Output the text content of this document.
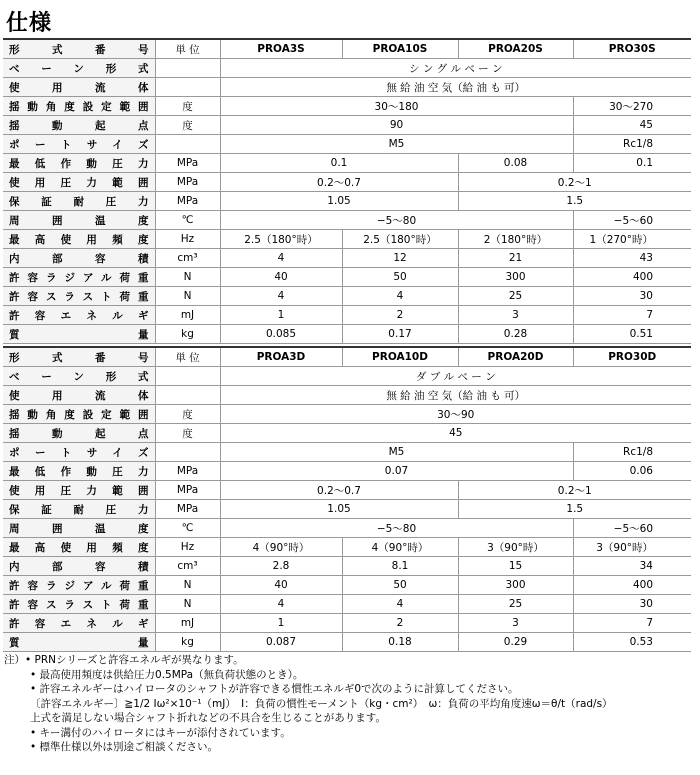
仕様
形式番号	単 位	PROA3S	PROA10S	PROA20S	PRO30S
ベーン形式		シ ン グ ル ベ ー ン			
使用流体		無 給 油 空 気（給 油 も 可）			
揺動角度設定範囲	度	30〜180			30〜270
揺動起点	度	90			45
ポートサイズ		M5			Rc1/8
最低作動圧力	MPa	0.1		0.08	0.1
使用圧力範囲	MPa	0.2〜0.7		0.2〜1	
保証耐圧力	MPa	1.05		1.5	
周囲温度	℃	−5〜80			−5〜60
最高使用頻度	Hz	2.5（180°時）	2.5（180°時）	2（180°時）	1（270°時）
内部容積	cm³	4	12	21	43
許容ラジアル荷重	N	40	50	300	400
許容スラスト荷重	N	4	4	25	30
許容エネルギ	mJ	1	2	3	7
質量	kg	0.085	0.17	0.28	0.51
形式番号	単 位	PROA3D	PROA10D	PROA20D	PRO30D
ベーン形式		ダ ブ ル ベ ー ン			
使用流体		無 給 油 空 気（給 油 も 可）			
揺動角度設定範囲	度	30〜90			
揺動起点	度	45			
ポートサイズ		M5			Rc1/8
最低作動圧力	MPa	0.07			0.06
使用圧力範囲	MPa	0.2〜0.7		0.2〜1	
保証耐圧力	MPa	1.05		1.5	
周囲温度	℃	−5〜80			−5〜60
最高使用頻度	Hz	4（90°時）	4（90°時）	3（90°時）	3（90°時）
内部容積	cm³	2.8	8.1	15	34
許容ラジアル荷重	N	40	50	300	400
許容スラスト荷重	N	4	4	25	30
許容エネルギ	mJ	1	2	3	7
質量	kg	0.087	0.18	0.29	0.53
注）• PRNシリーズと許容エネルギが異なります。
• 最高使用頻度は供給圧力0.5MPa（無負荷状態のとき）。
• 許容エネルギーはハイロータのシャフトが許容できる慣性エネルギ0で次のように計算してください。
〔許容エネルギー〕≧1/2 Iω²×10⁻¹（mJ）　I：負荷の慣性モーメント（kg・cm²）　ω：負荷の平均角度速ω＝θ/t（rad/s）
上式を満足しない場合シャフト折れなどの不具合を生じることがあります。
• キー溝付のハイロータにはキーが添付されています。
• 標準仕様以外は別途ご相談ください。
